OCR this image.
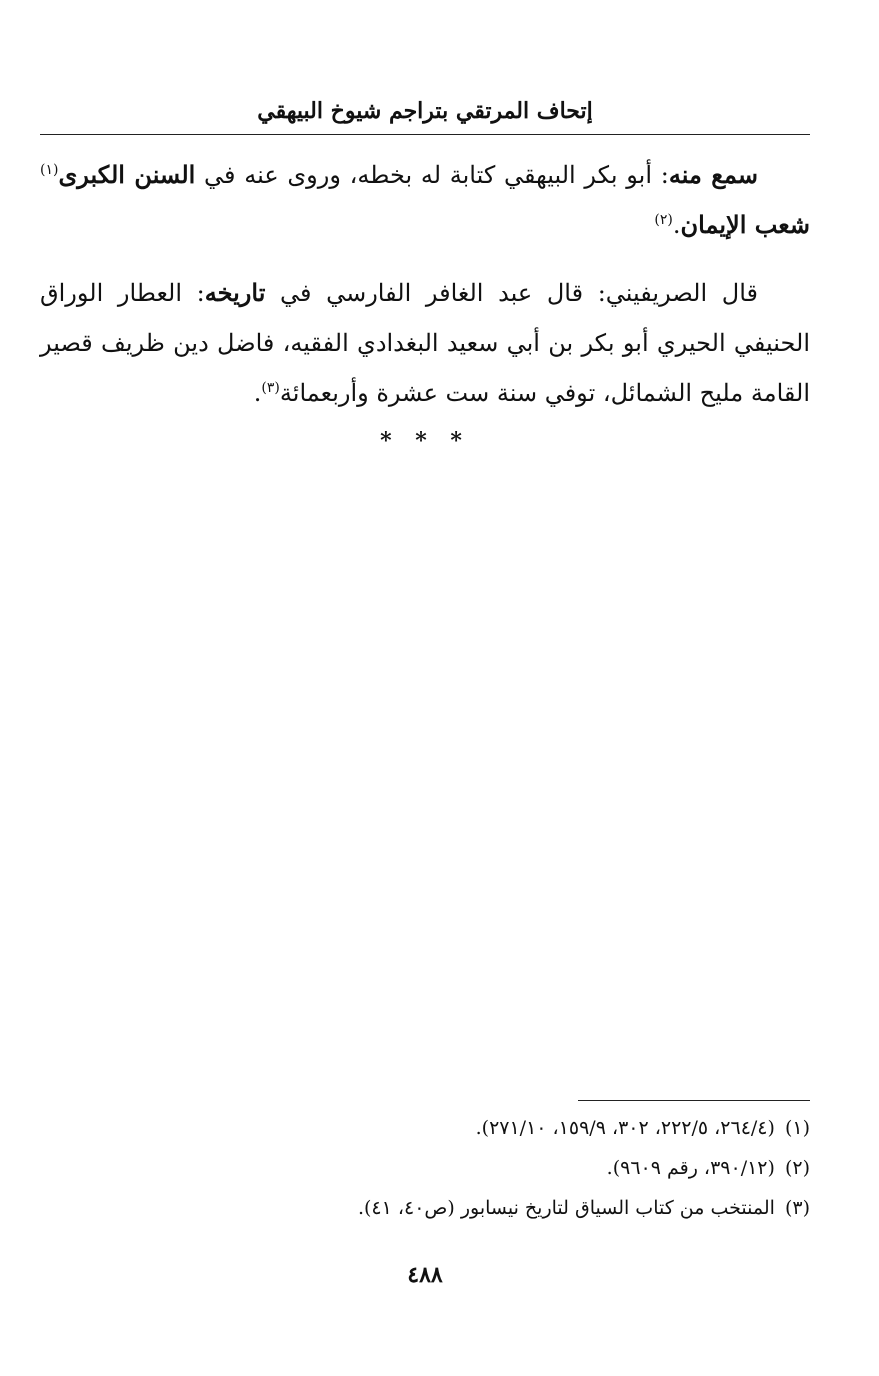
إتحاف المرتقي بتراجم شيوخ البيهقي

سمع منه: أبو بكر البيهقي كتابة له بخطه، وروى عنه في السنن الكبرى$^{(١)}$ شعب الإيمان.$^{(٢)}$

قال الصريفيني: قال عبد الغافر الفارسي في تاريخه: العطار الوراق الحنيفي الحيري أبو بكر بن أبي سعيد البغدادي الفقيه، فاضل دين ظريف قصير القامة مليح الشمائل، توفي سنة ست عشرة وأربعمائة$^{(٣)}$.

* * *

(١)(٢٦٤/٤، ٢٢٢/٥، ٣٠٢، ١٥٩/٩، ٢٧١/١٠).

(٢)(٣٩٠/١٢، رقم ٩٦٠٩).

(٣)المنتخب من كتاب السياق لتاريخ نيسابور (ص٤٠، ٤١).

٤٨٨
